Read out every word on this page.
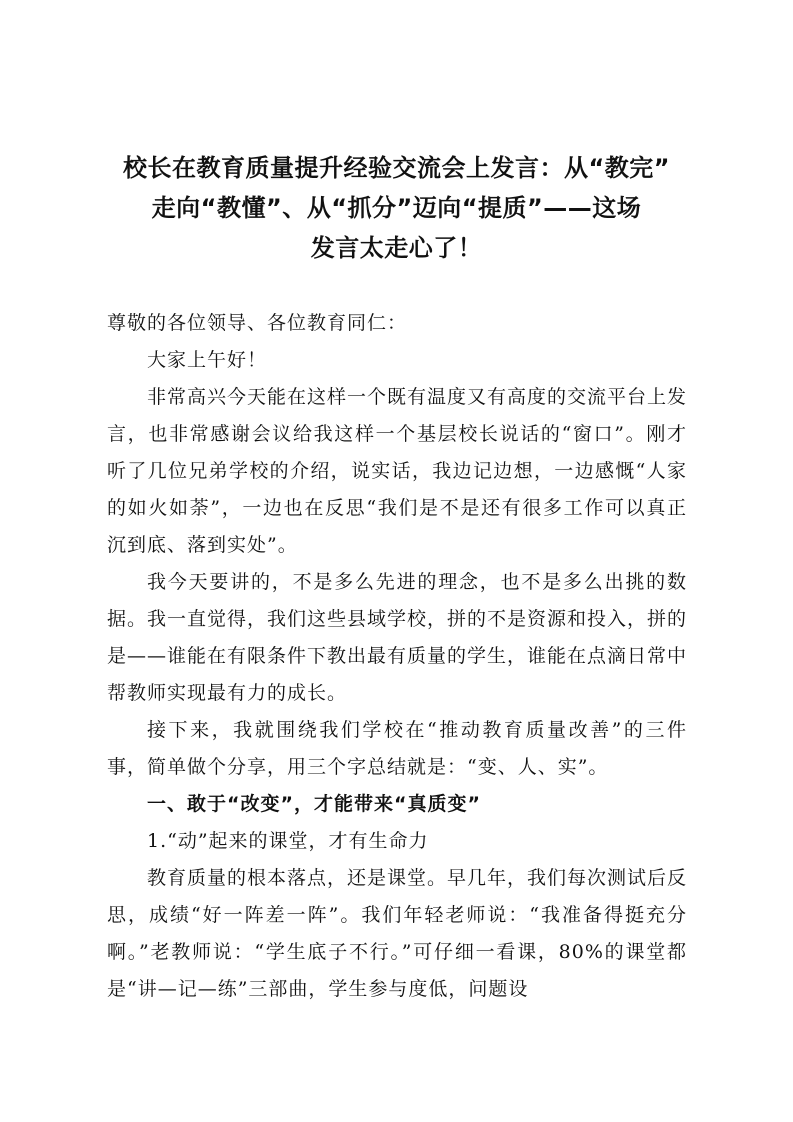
校长在教育质量提升经验交流会上发言：从“教完”
走向“教懂”、从“抓分”迈向“提质”——这场
发言太走心了！

尊敬的各位领导、各位教育同仁：

大家上午好！

非常高兴今天能在这样一个既有温度又有高度的交流平台上发言，也非常感谢会议给我这样一个基层校长说话的“窗口”。刚才听了几位兄弟学校的介绍，说实话，我边记边想，一边感慨“人家的如火如荼”，一边也在反思“我们是不是还有很多工作可以真正沉到底、落到实处”。

我今天要讲的，不是多么先进的理念，也不是多么出挑的数据。我一直觉得，我们这些县域学校，拼的不是资源和投入，拼的是——谁能在有限条件下教出最有质量的学生，谁能在点滴日常中帮教师实现最有力的成长。

接下来，我就围绕我们学校在“推动教育质量改善”的三件事，简单做个分享，用三个字总结就是：“变、人、实”。

一、敢于“改变”，才能带来“真质变”

1.“动”起来的课堂，才有生命力

教育质量的根本落点，还是课堂。早几年，我们每次测试后反思，成绩“好一阵差一阵”。我们年轻老师说：“我准备得挺充分啊。”老教师说：“学生底子不行。”可仔细一看课，80%的课堂都是“讲—记—练”三部曲，学生参与度低，问题设
